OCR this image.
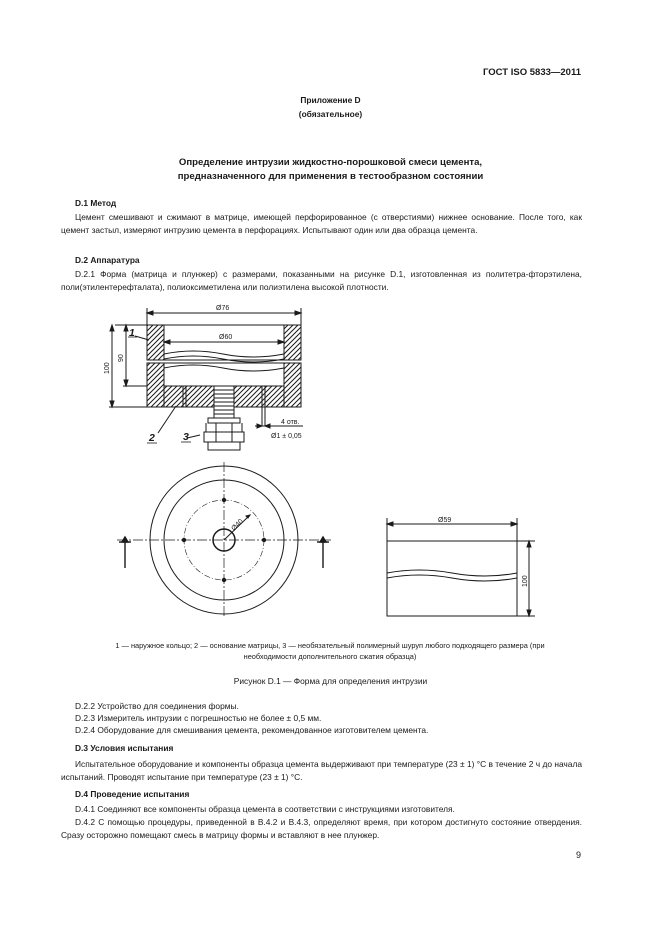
ГОСТ ISO 5833—2011
Приложение D
(обязательное)
Определение интрузии жидкостно-порошковой смеси цемента,
предназначенного для применения в тестообразном состоянии
D.1 Метод
Цемент смешивают и сжимают в матрице, имеющей перфорированное (с отверстиями) нижнее основание. После того, как цемент застыл, измеряют интрузию цемента в перфорациях. Испытывают один или два образца цемента.
D.2 Аппаратура
D.2.1 Форма (матрица и плунжер) с размерами, показанными на рисунке D.1, изготовленная из политетра-фторэтилена, поли(этилентерефталата), полиоксиметилена или полиэтилена высокой плотности.
Ø76
Ø60
100
90
4 отв.
Ø1 ± 0,05
1
2	3
Ø40	Ø59
100
1 — наружное кольцо; 2 — основание матрицы, 3 — необязательный полимерный шуруп любого подходящего размера (при
необходимости дополнительного сжатия образца)
Рисунок D.1 — Форма для определения интрузии
D.2.2 Устройство для соединения формы.
D.2.3 Измеритель интрузии с погрешностью не более ± 0,5 мм.
D.2.4 Оборудование для смешивания цемента, рекомендованное изготовителем цемента.
D.3 Условия испытания
Испытательное оборудование и компоненты образца цемента выдерживают при температуре (23 ± 1) °С в течение 2 ч до начала испытаний. Проводят испытание при температуре (23 ± 1) °С.
D.4 Проведение испытания
D.4.1 Соединяют все компоненты образца цемента в соответствии с инструкциями изготовителя.
D.4.2 С помощью процедуры, приведенной в В.4.2 и В.4.3, определяют время, при котором достигнуто состояние отвердения. Сразу осторожно помещают смесь в матрицу формы и вставляют в нее плунжер.
9
